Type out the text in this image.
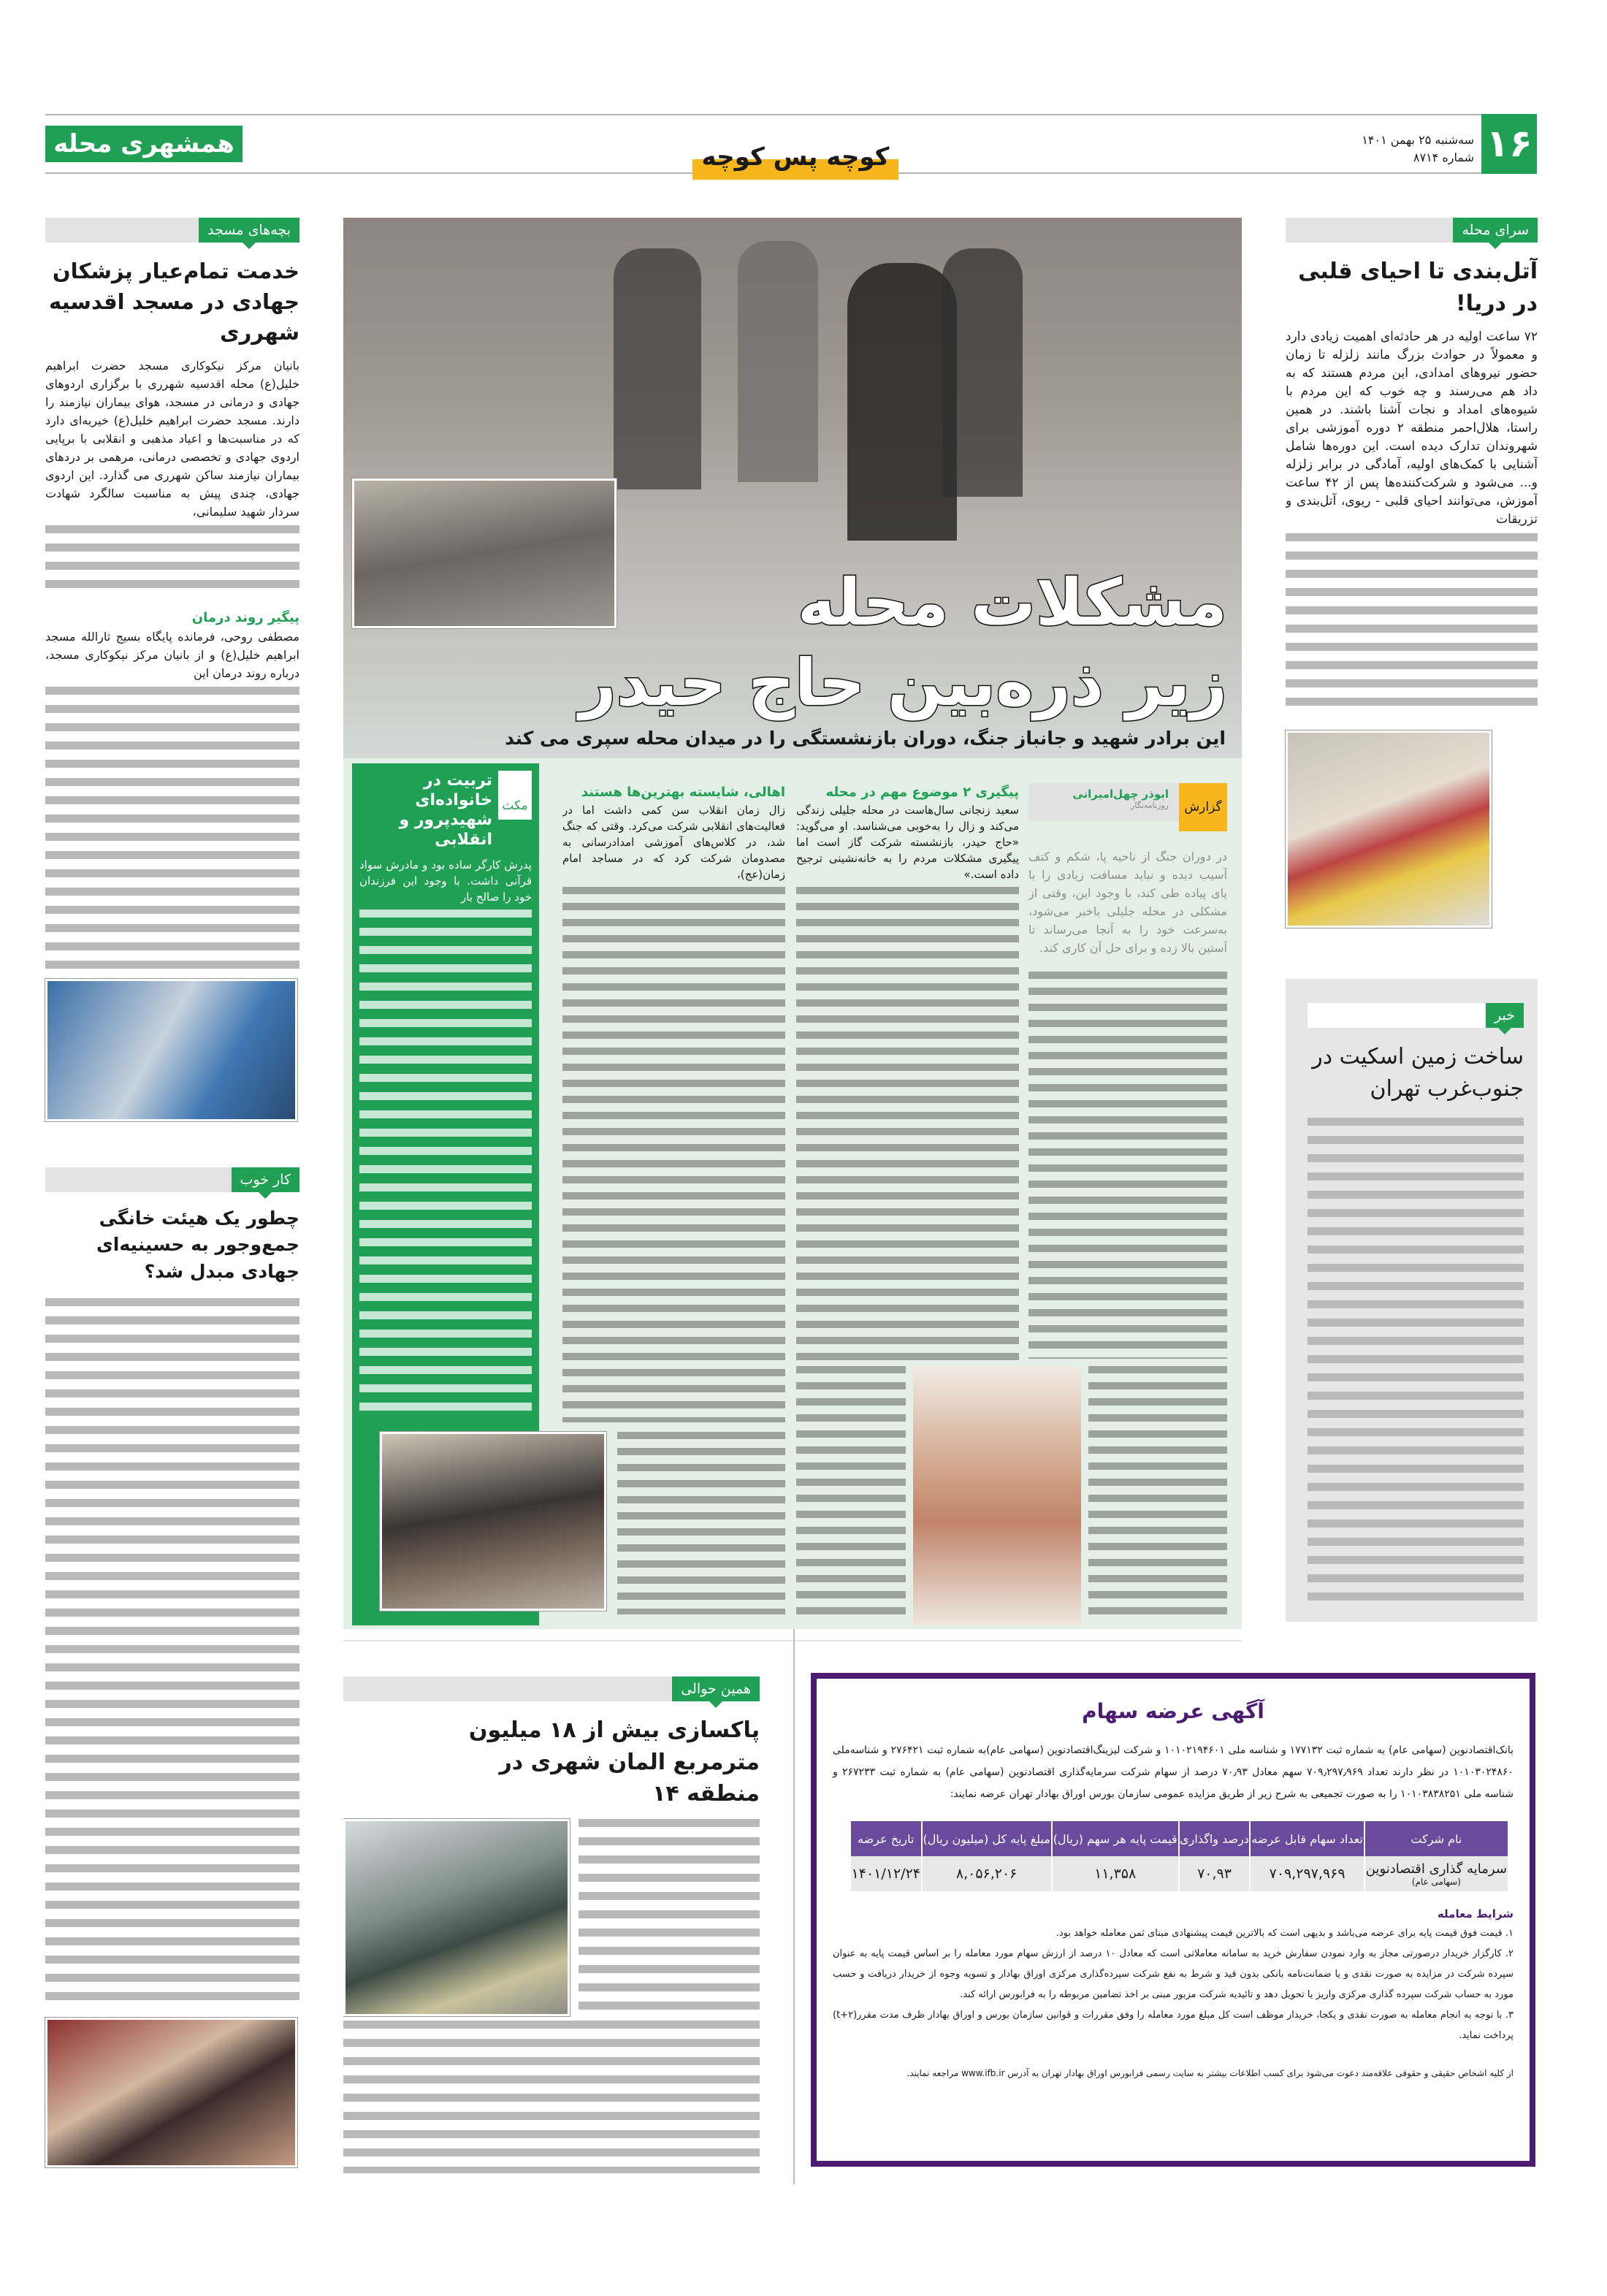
۱۶
سه‌شنبه ۲۵ بهمن ۱۴۰۱
شماره ۸۷۱۴
همشهری محله	کوچه پس کوچه
سرای محله
آتل‌بندی تا احیای قلبی در دریا!
۷۲ ساعت اولیه در هر حادثه‌ای اهمیت زیادی دارد و معمولاً در حوادث بزرگ مانند زلزله تا زمان حضور نیروهای امدادی، این مردم هستند که به داد هم می‌رسند و چه خوب که این مردم با شیوه‌های امداد و نجات آشنا باشند. در همین راستا، هلال‌احمر منطقه ۲ دوره آموزشی برای شهروندان تدارک دیده است. این دوره‌ها شامل آشنایی با کمک‌های اولیه، آمادگی در برابر زلزله و... می‌شود و شرکت‌کننده‌ها پس از ۴۲ ساعت آموزش، می‌توانند احیای قلبی - ریوی، آتل‌بندی و تزریقات
خبر
ساخت زمین اسکیت در جنوب‌غرب تهران
مشکلات محله
زیر ذره‌بین حاج حیدر
این برادر شهید و جانباز جنگ، دوران بازنشستگی را در میدان محله سپری می کند
مکث
تربیت در خانواده‌ای شهیدپرور و انقلابی
پدرش کارگر ساده بود و مادرش سواد قرآنی داشت. با وجود این فرزندان خود را صالح بار
گزارش
ابوذر چهل‌امیرانی
روزنامه‌نگار
در دوران جنگ از ناحیه پا، شکم و کتف آسیب دیده و نباید مسافت زیادی را با پای پیاده طی کند، با وجود این، وقتی از مشکلی در محله جلیلی باخبر می‌شود، به‌سرعت خود را به آنجا می‌رساند تا آستین بالا زده و برای حل آن کاری کند.
پیگیری ۲ موضوع مهم در محله
سعید زنجانی سال‌هاست در محله جلیلی زندگی می‌کند و زال را به‌خوبی می‌شناسد. او می‌گوید: «حاج حیدر، بازنشسته شرکت گاز است اما پیگیری مشکلات مردم را به خانه‌نشینی ترجیح داده است.»
اهالی، شایسته بهترین‌ها هستند
زال زمان انقلاب سن کمی داشت اما در فعالیت‌های انقلابی شرکت می‌کرد. وقتی که جنگ شد، در کلاس‌های آموزشی امدادرسانی به مصدومان شرکت کرد که در مساجد امام زمان(عج)،
بچه‌های مسجد
خدمت تمام‌عیار پزشکان جهادی در مسجد اقدسیه شهرری
بانیان مرکز نیکوکاری مسجد حضرت ابراهیم خلیل(ع) محله اقدسیه شهرری با برگزاری اردوهای جهادی و درمانی در مسجد، هوای بیماران نیازمند را دارند. مسجد حضرت ابراهیم خلیل(ع) خیریه‌ای دارد که در مناسبت‌ها و اعیاد مذهبی و انقلابی با برپایی اردوی جهادی و تخصصی درمانی، مرهمی بر دردهای بیماران نیازمند ساکن شهرری می گذارد. این اردوی جهادی، چندی پیش به مناسبت سالگرد شهادت سردار شهید سلیمانی،
پیگیر روند درمان
مصطفی روحی، فرمانده پایگاه بسیج ثارالله مسجد ابراهیم خلیل(ع) و از بانیان مرکز نیکوکاری مسجد، درباره روند درمان این
کار خوب
چطور یک هیئت خانگی جمع‌وجور به حسینیه‌ای جهادی مبدل شد؟
همین حوالی
پاکسازی بیش از ۱۸ میلیون مترمربع المان شهری در منطقه ۱۴
آگهی عرضه سهام
بانک‌اقتصادنوین (سهامی عام) به شماره ثبت ۱۷۷۱۳۲ و شناسه ملی ۱۰۱۰۲۱۹۴۶۰۱ و شرکت لیزینگ‌اقتصادنوین (سهامی عام)به شماره ثبت ۲۷۶۴۲۱ و شناسه‌ملی ۱۰۱۰۳۰۲۴۸۶۰ در نظر دارند تعداد ۷۰۹٫۲۹۷٫۹۶۹ سهم معادل ۷۰٫۹۳ درصد از سهام شرکت سرمایه‌گذاری اقتصادنوین (سهامی عام) به شماره ثبت ۲۶۷۲۳۳ و شناسه ملی ۱۰۱۰۳۸۳۸۲۵۱ را به صورت تجمیعی به شرح زیر از طریق مزایده عمومی سازمان بورس اوراق بهادار تهران عرضه نمایند:
نام شرکت	تعداد سهام قابل عرضه	درصد واگذاری	قیمت پایه هر سهم (ریال)	مبلغ پایه کل (میلیون ریال)	تاریخ عرضه

سرمایه گذاری اقتصادنوین
(سهامی عام)	۷۰۹,۲۹۷,۹۶۹	۷۰,۹۳	۱۱,۳۵۸	۸,۰۵۶,۲۰۶	۱۴۰۱/۱۲/۲۴
شرایط معامله
۱. قیمت فوق قیمت پایه برای عرضه می‌باشد و بدیهی است که بالاترین قیمت پیشنهادی مبنای ثمن معامله خواهد بود.
۲. کارگزار خریدار درصورتی مجاز به وارد نمودن سفارش خرید به سامانه معاملاتی است که معادل ۱۰ درصد از ارزش سهام مورد معامله را بر اساس قیمت پایه به عنوان سپرده شرکت در مزایده به صورت نقدی و یا ضمانت‌نامه بانکی بدون قید و شرط به نفع شرکت سپرده‌گذاری مرکزی اوراق بهادار و تسویه وجوه از خریدار دریافت و حسب مورد به حساب شرکت سپرده گذاری مرکزی واریز یا تحویل دهد و تائیدیه شرکت مزبور مبنی بر اخذ تضامین مربوطه را به فرابورس ارائه کند.
۳. با توجه به انجام معامله به صورت نقدی و یکجا، خریدار موظف است کل مبلغ مورد معامله را وفق مقررات و قوانین سازمان بورس و اوراق بهادار ظرف مدت مقرر(t+۲) پرداخت نماید.
از کلیه اشخاص حقیقی و حقوقی علاقه‌مند دعوت می‌شود برای کسب اطلاعات بیشتر به سایت رسمی فرابورس اوراق بهادار تهران به آدرس www.ifb.ir مراجعه نمایند.
